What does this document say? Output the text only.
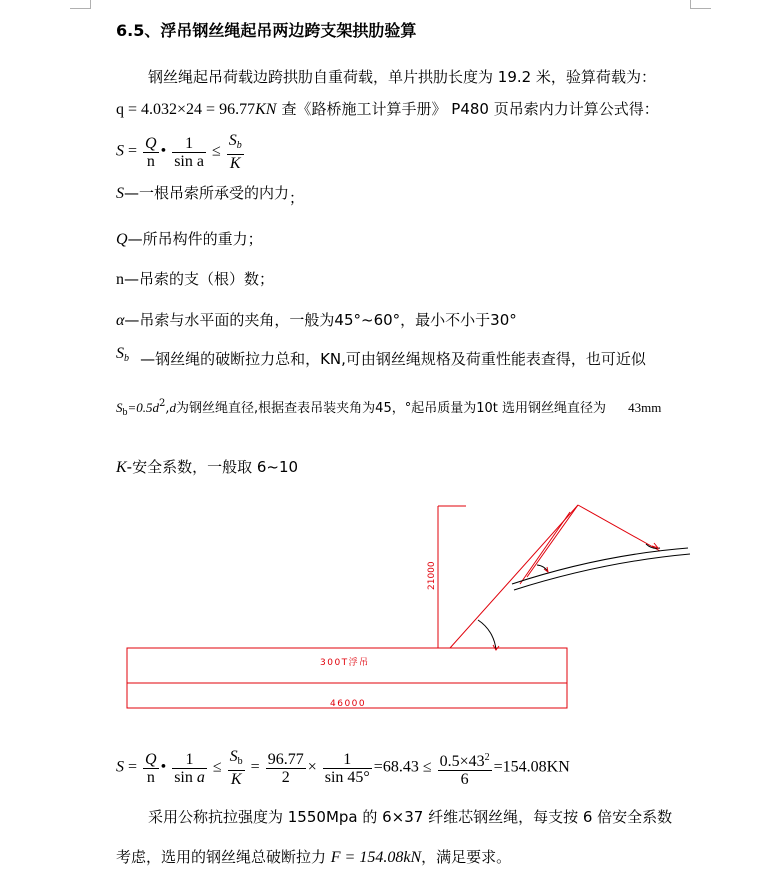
6.5、浮吊钢丝绳起吊两边跨支架拱肋验算
钢丝绳起吊荷载边跨拱肋自重荷载，单片拱肋长度为 19.2 米，验算荷载为：
q = 4.032×24 = 96.77KN 查《路桥施工计算手册》 P480 页吊索内力计算公式得：
$S = \frac{Q}{n}$ • $\frac{1}{\text{sin a}} \le \frac{S_b}{K}$
S—一根吊索所承受的内力；
Q—所吊构件的重力；
n—吊索的支（根）数；
α—吊索与水平面的夹角，一般为45°~60°，最小不小于30°
$S_b$ —钢丝绳的破断拉力总和，KN,可由钢丝绳规格及荷重性能表查得，也可近似
$S_b=0.5d^2,d$为钢丝绳直径,根据查表吊装夹角为45，°起吊质量为10t 选用钢丝绳直径为 43mm
K-安全系数，一般取 6~10
21000
300T浮吊
46000
$S = \frac{Q}{n}$ • $\frac{1}{\text{sin a}} \le \frac{S_b}{K} = \frac{96.77}{2} \times \frac{1}{\sin 45^\circ} =68.43 \le \frac{0.5\times 43^2}{6} =154.08KN$
采用公称抗拉强度为 1550Mpa 的 6×37 纤维芯钢丝绳，每支按 6 倍安全系数
考虑，选用的钢丝绳总破断拉力 F = 154.08kN，满足要求。
